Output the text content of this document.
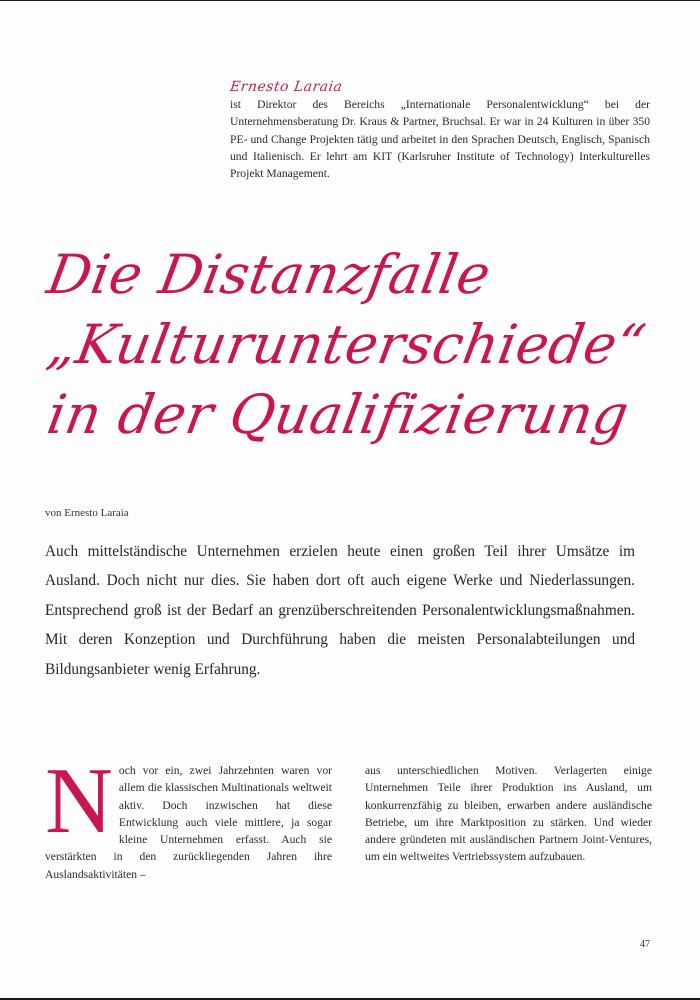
Ernesto Laraia

ist Direktor des Bereichs „Internationale Personalentwicklung“ bei der Unternehmensberatung Dr. Kraus & Partner, Bruchsal. Er war in 24 Kulturen in über 350 PE- und Change Projekten tätig und arbeitet in den Sprachen Deutsch, Englisch, Spanisch und Italienisch. Er lehrt am KIT (Karlsruher Institute of Technology) Interkulturelles Projekt Management.

Die Distanzfalle
„Kulturunterschiede“
in der Qualifizierung
von Ernesto Laraia

Auch mittelständische Unternehmen erzielen heute einen großen Teil ihrer Umsätze im Ausland. Doch nicht nur dies. Sie haben dort oft auch eigene Werke und Niederlassungen. Entsprechend groß ist der Bedarf an grenzüberschreitenden Personalentwicklungsmaßnahmen. Mit deren Konzeption und Durchführung haben die meisten Personalabteilungen und Bildungsanbieter wenig Erfahrung.

N och vor ein, zwei Jahrzehnten waren vor allem die klassischen Multinationals weltweit aktiv. Doch inzwischen hat diese Entwicklung auch viele mittlere, ja sogar kleine Unternehmen erfasst. Auch sie verstärkten in den zurückliegenden Jahren ihre Auslandsaktivitäten –

aus unterschiedlichen Motiven. Verlagerten einige Unternehmen Teile ihrer Produktion ins Ausland, um konkurrenzfähig zu bleiben, erwarben andere ausländische Betriebe, um ihre Marktposition zu stärken. Und wieder andere gründeten mit ausländischen Partnern Joint-Ventures, um ein weltweites Vertriebssystem aufzubauen.

47
